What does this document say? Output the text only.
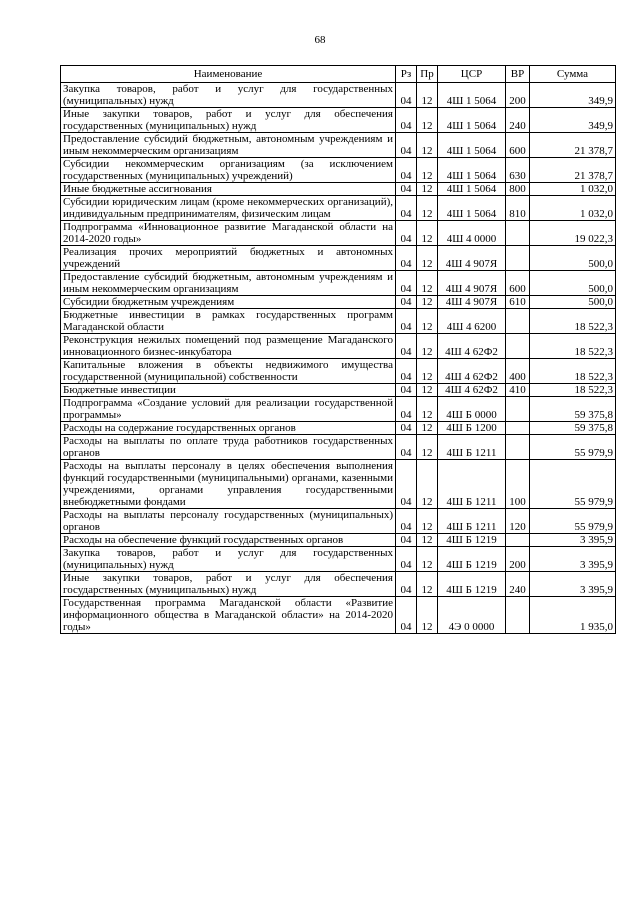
68
Наименование	Рз	Пр	ЦСР	ВР	Сумма
Закупка товаров, работ и услуг для государственных (муниципальных) нужд	04	12	4Ш 1 5064	200	349,9
Иные закупки товаров, работ и услуг для обеспечения государственных (муниципальных) нужд	04	12	4Ш 1 5064	240	349,9
Предоставление субсидий бюджетным, автономным учреждениям и иным некоммерческим организациям	04	12	4Ш 1 5064	600	21 378,7
Субсидии некоммерческим организациям (за исключением государственных (муниципальных) учреждений)	04	12	4Ш 1 5064	630	21 378,7
Иные бюджетные ассигнования	04	12	4Ш 1 5064	800	1 032,0
Субсидии юридическим лицам (кроме некоммерческих организаций), индивидуальным предпринимателям, физическим лицам	04	12	4Ш 1 5064	810	1 032,0
Подпрограмма «Инновационное развитие Магаданской области на 2014-2020 годы»	04	12	4Ш 4 0000		19 022,3
Реализация прочих мероприятий бюджетных и автономных учреждений	04	12	4Ш 4 907Я		500,0
Предоставление субсидий бюджетным, автономным учреждениям и иным некоммерческим организациям	04	12	4Ш 4 907Я	600	500,0
Субсидии бюджетным учреждениям	04	12	4Ш 4 907Я	610	500,0
Бюджетные инвестиции в рамках государственных программ Магаданской области	04	12	4Ш 4 6200		18 522,3
Реконструкция нежилых помещений под размещение Магаданского инновационного бизнес-инкубатора	04	12	4Ш 4 62Ф2		18 522,3
Капитальные вложения в объекты недвижимого имущества государственной (муниципальной) собственности	04	12	4Ш 4 62Ф2	400	18 522,3
Бюджетные инвестиции	04	12	4Ш 4 62Ф2	410	18 522,3
Подпрограмма «Создание условий для реализации государственной программы»	04	12	4Ш Б 0000		59 375,8
Расходы на содержание государственных органов	04	12	4Ш Б 1200		59 375,8
Расходы на выплаты по оплате труда работников государственных органов	04	12	4Ш Б 1211		55 979,9
Расходы на выплаты персоналу в целях обеспечения выполнения функций государственными (муниципальными) органами, казенными учреждениями, органами управления государственными внебюджетными фондами	04	12	4Ш Б 1211	100	55 979,9
Расходы на выплаты персоналу государственных (муниципальных) органов	04	12	4Ш Б 1211	120	55 979,9
Расходы на обеспечение функций государственных органов	04	12	4Ш Б 1219		3 395,9
Закупка товаров, работ и услуг для государственных (муниципальных) нужд	04	12	4Ш Б 1219	200	3 395,9
Иные закупки товаров, работ и услуг для обеспечения государственных (муниципальных) нужд	04	12	4Ш Б 1219	240	3 395,9
Государственная программа Магаданской области «Развитие информационного общества в Магаданской области» на 2014-2020 годы»	04	12	4Э 0 0000		1 935,0
